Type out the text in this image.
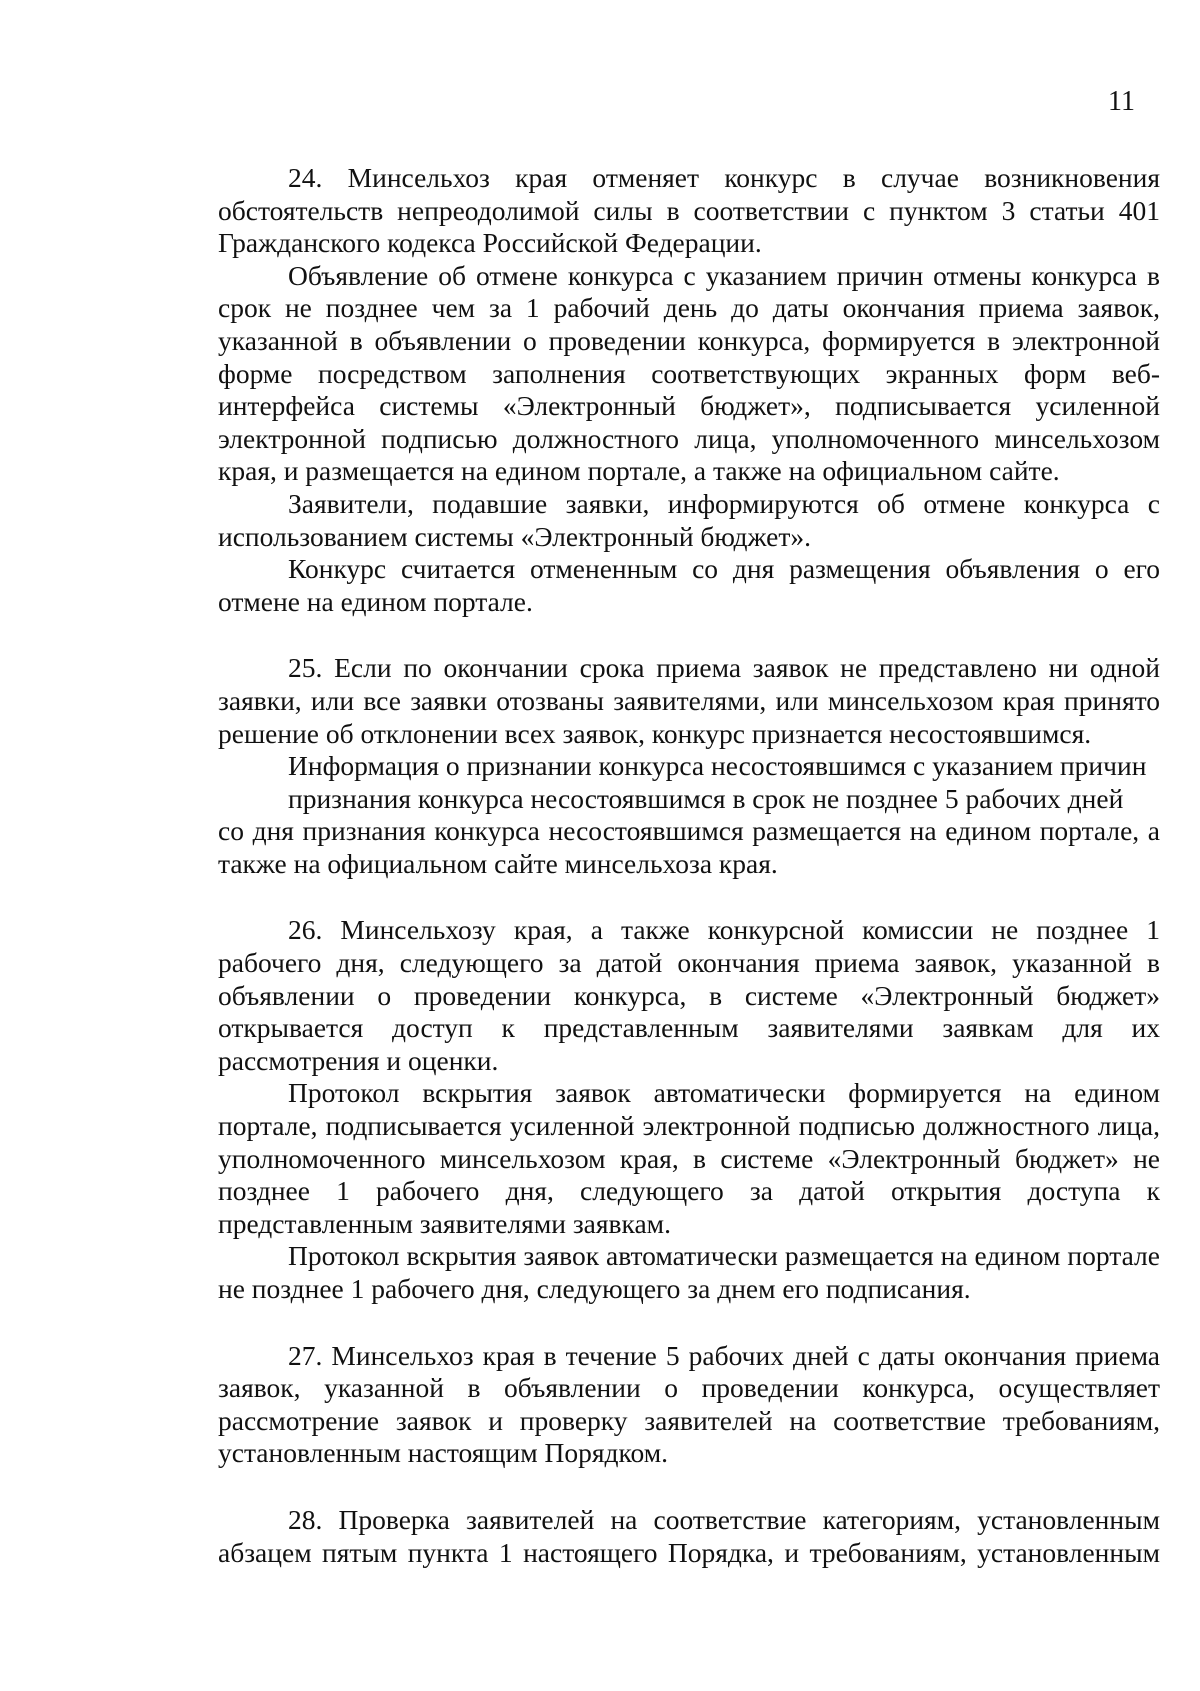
11

24. Минсельхоз края отменяет конкурс в случае возникновения обстоятельств непреодолимой силы в соответствии с пунктом 3 статьи 401 Гражданского кодекса Российской Федерации.

Объявление об отмене конкурса с указанием причин отмены конкурса в срок не позднее чем за 1 рабочий день до даты окончания приема заявок, указанной в объявлении о проведении конкурса, формируется в электронной форме посредством заполнения соответствующих экранных форм веб-интерфейса системы «Электронный бюджет», подписывается усиленной электронной подписью должностного лица, уполномоченного минсельхозом края, и размещается на едином портале, а также на официальном сайте.

Заявители, подавшие заявки, информируются об отмене конкурса с использованием системы «Электронный бюджет».

Конкурс считается отмененным со дня размещения объявления о его отмене на едином портале.

25. Если по окончании срока приема заявок не представлено ни одной заявки, или все заявки отозваны заявителями, или минсельхозом края принято решение об отклонении всех заявок, конкурс признается несостоявшимся.

Информация о признании конкурса несостоявшимся с указанием причин

признания конкурса несостоявшимся в срок не позднее 5 рабочих дней

со дня признания конкурса несостоявшимся размещается на едином портале, а также на официальном сайте минсельхоза края.

26. Минсельхозу края, а также конкурсной комиссии не позднее 1 рабочего дня, следующего за датой окончания приема заявок, указанной в объявлении о проведении конкурса, в системе «Электронный бюджет» открывается доступ к представленным заявителями заявкам для их рассмотрения и оценки.

Протокол вскрытия заявок автоматически формируется на едином портале, подписывается усиленной электронной подписью должностного лица, уполномоченного минсельхозом края, в системе «Электронный бюджет» не позднее 1 рабочего дня, следующего за датой открытия доступа к представленным заявителями заявкам.

Протокол вскрытия заявок автоматически размещается на едином портале не позднее 1 рабочего дня, следующего за днем его подписания.

27. Минсельхоз края в течение 5 рабочих дней с даты окончания приема заявок, указанной в объявлении о проведении конкурса, осуществляет рассмотрение заявок и проверку заявителей на соответствие требованиям, установленным настоящим Порядком.

28. Проверка заявителей на соответствие категориям, установленным абзацем пятым пункта 1 настоящего Порядка, и требованиям, установленным
